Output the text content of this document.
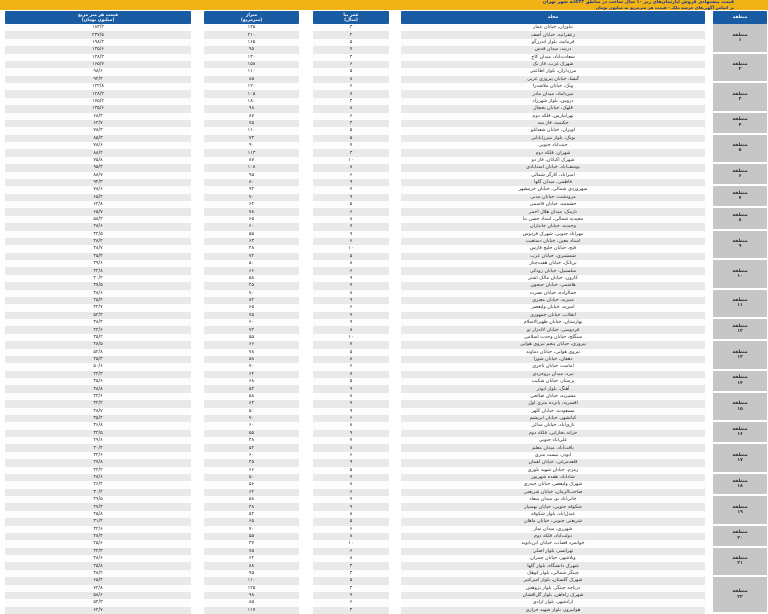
قیمت پیشنهادی فروش آپارتمان‌های زیر ۱۰ سال ساخت در مناطق ۲۲گانه شهر تهران
بر اساس آگهی‌های عرضه ملک - قیمت هر مترمربع به میلیون تومان
منطقه
محله
عمر بنا
(سال)
متراژ
(مترمربع)
قیمت هر متر مربع
(میلیون تومان)
منطقه
۱
منطقه
۲
منطقه
۳
منطقه
۴
منطقه
۵
منطقه
۶
منطقه
۷
منطقه
۸
منطقه
۹
منطقه
۱۰
منطقه
۱۱
منطقه
۱۲
منطقه
۱۳
منطقه
۱۴
منطقه
۱۵
منطقه
۱۶
منطقه
۱۷
منطقه
۱۸
منطقه
۱۹
منطقه
۲۰
منطقه
۲۱
منطقه
۲۲
نیاوران، خیابان عمار
زعفرانیه، خیابان آصف
فرمانیه، بلوار اندرزگو
دربند، میدان قدس
سعادت‌آباد، میدان کاج
شهرک غرب، فاز یک
مرزداران، بلوار اطاعتی
گیشا، خیابان پیروزی غربی
ونک، خیابان ملاصدرا
میرداماد، میدان مادر
دروس، بلوار شهرزاد
قلهک، خیابان یخچال
تهرانپارس، فلکه دوم
حکیمیه، فاز سه
لویزان، خیابان شعبانلو
پونک، بلوار میرزابابایی
جنت‌آباد جنوبی
شهران، فلکه دوم
شهرک اکباتان، فاز دو
یوسف‌آباد، خیابان اسدآبادی
امیرآباد، کارگر شمالی
فاطمی، میدان گلها
سهروردی شمالی، خیابان خرمشهر
مرودشت، خیابان مدنی
حشمتیه، خیابان قاسمی
نارمک، میدان هلال احمر
مجیدیه شمالی، استاد حسن بنا
وحیدیه، خیابان جانبازان
مهرآباد جنوبی، شهرک فردوس
استاد معین، خیابان دستغیب
فتح، خیابان خلیج فارس
شمشیری، خیابان عرب
بریانک، خیابان هفت‌چنار
سلسبیل، خیابان رودکی
کارون، خیابان مالک اشتر
هاشمی، خیابان جیحون
جمالزاده، خیابان نصرت
منیریه، خیابان معیری
امیریه، خیابان ولیعصر
انقلاب، خیابان جمهوری
بهارستان، خیابان ظهیرالاسلام
فردوسی، خیابان لاله‌زار نو
سنگلج، خیابان وحدت اسلامی
پیروزی، خیابان پنجم نیروی هوایی
نیروی هوایی، خیابان دماوند
دهقان، خیابان شورا
امامت، خیابان تاجری
نبرد، میدان بروجردی
پرستار، خیابان شکیب
آهنگ، بلوار ابوذر
مشیریه، خیابان صالحی
افسریه، پانزده متری اول
مسعودیه، خیابان کلهر
کیانشهر، خیابان ابریشم
نازی‌آباد، خیابان مدائن
خزانه بخارایی، فلکه دوم
علی‌آباد جنوبی
یافت‌آباد، میدان معلم
ابوذر، بیست متری
قلعه‌مرغی، خیابان لقمان
زمزم، خیابان شهید بلوری
شادآباد، هفده شهریور
شهرک ولیعصر، خیابان حیدری
صاحب‌الزمان، خیابان شریعتی
خانی‌آباد نو، میدان میعاد
شکوفه جنوبی، خیابان بهمنیار
عبدل‌آباد، بلوار شکوفه
شریعتی جنوبی، خیابان ماهان
شهرری، میدان نماز
دولت‌آباد، فلکه دوم
جوانمرد قصاب، خیابان ابن‌بابویه
تهرانسر، بلوار اصلی
ویلاشهر، خیابان چمران
شهرک دانشگاه، بلوار گلها
چیتگر شمالی، بلوار کوهک
شهرک گلستان، بلوار امیرکبیر
دریاچه چیتگر، بلوار پژوهش
شهرک راه‌آهن، بلوار گل‌افشان
آزادشهر، بلوار آزادی
هوانیروز، بلوار شهید خرازی
۳
۲
۵
۷
۴
۶
۵
۸
۶
۷
۴
۸
۶
۴
۵
۵
۷
۳
۱۰
۸
۶
۹
۷
۹
۵
۶
۸
۷
۹
۶
۱۰
۵
۸
۶
۹
۷
۸
۹
۶
۷
۹
۸
۱۰
۷
۵
۸
۶
۷
۵
۹
۸
۷
۹
۶
۸
۹
۷
۸
۶
۹
۵
۷
۸
۶
۷
۹
۸
۵
۶
۸
۱۰
۶
۸
۴
۳
۵
۳
۷
۶
۴
۱۴۵
۲۱۰
۱۶۵
۹۵
۱۳۰
۱۵۸
۱۱۰
۸۵
۱۲۰
۱۰۵
۱۸۰
۹۸
۸۷
۷۵
۱۱۰
۷۳
۹۰
۱۱۳
۸۷
۱۰۸
۹۵
۸۰
۹۲
۷۰
۶۴
۷۸
۶۵
۶۰
۵۵
۶۳
۴۸
۷۲
۵۰
۶۶
۵۸
۴۵
۷۰
۸۲
۶۵
۷۵
۶۰
۷۲
۵۵
۶۶
۷۸
۵۸
۷۰
۶۲
۶۸
۵۴
۵۸
۶۴
۵۰
۷۰
۶۰
۵۵
۴۸
۵۲
۶۰
۴۵
۶۶
۵۰
۵۶
۶۲
۵۸
۴۸
۵۲
۶۵
۷۰
۵۵
۴۷
۷۵
۶۲
۸۸
۹۵
۱۱۰
۱۲۵
۹۸
۸۵
۱۱۷
۱۸۳/۲
۲۳۷/۵
۱۹۸/۴
۱۴۵/۶
۱۴۸/۳
۱۶۵/۷
۹۸/۶
۹۲/۴
۱۴۲/۸
۱۲۸/۳
۱۷۵/۲
۱۳۵/۶
۶۸/۴
۶۲/۷
۷۸/۳
۸۵/۳
۷۸/۶
۸۸/۲
۷۵/۸
۹۵/۴
۸۸/۷
۹۲/۳
۷۸/۶
۶۵/۲
۶۲/۸
۶۵/۷
۵۸/۳
۴۸/۶
۴۲/۵
۴۸/۲
۳۸/۷
۴۵/۳
۳۹/۶
۴۲/۸
۴۰/۲
۳۷/۵
۴۸/۶
۴۵/۲
۴۲/۷
۵۲/۳
۳۸/۴
۴۲/۶
۳۵/۲
۴۸/۵
۵۲/۸
۴۵/۳
۵۰/۶
۴۲/۳
۴۵/۶
۳۸/۸
۳۴/۶
۳۲/۲
۲۸/۷
۳۵/۴
۳۶/۸
۳۲/۵
۲۹/۶
۳۰/۴
۳۲/۶
۲۷/۸
۳۴/۲
۲۸/۶
۲۶/۴
۳۰/۲
۲۹/۵
۲۷/۳
۲۵/۸
۳۱/۴
۳۲/۶
۲۸/۴
۲۵/۶
۴۲/۳
۳۸/۶
۴۵/۸
۴۸/۲
۶۵/۴
۷۲/۸
۵۸/۶
۵۲/۳
۶۲/۷
